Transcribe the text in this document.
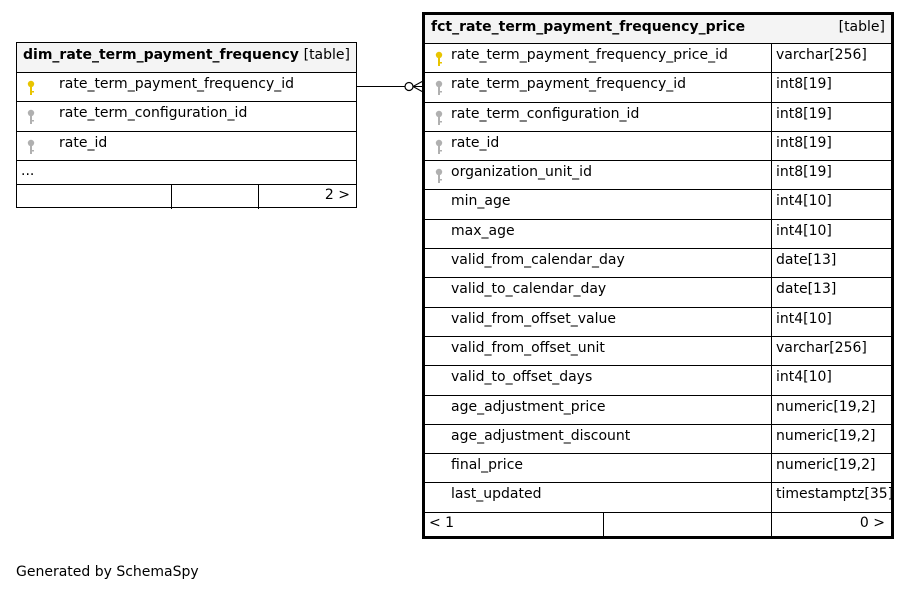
dim_rate_term_payment_frequency [table]
rate_term_payment_frequency_id
rate_term_configuration_id
rate_id
...
2 >
fct_rate_term_payment_frequency_price	[table]
rate_term_payment_frequency_price_id	varchar[256]
rate_term_payment_frequency_id	int8[19]
rate_term_configuration_id	int8[19]
rate_id	int8[19]
organization_unit_id	int8[19]
min_age	int4[10]
max_age	int4[10]
valid_from_calendar_day	date[13]
valid_to_calendar_day	date[13]
valid_from_offset_value	int4[10]
valid_from_offset_unit	varchar[256]
valid_to_offset_days	int4[10]
age_adjustment_price	numeric[19,2]
age_adjustment_discount	numeric[19,2]
final_price	numeric[19,2]
last_updated	timestamptz[35]
< 1	0 >
Generated by SchemaSpy
